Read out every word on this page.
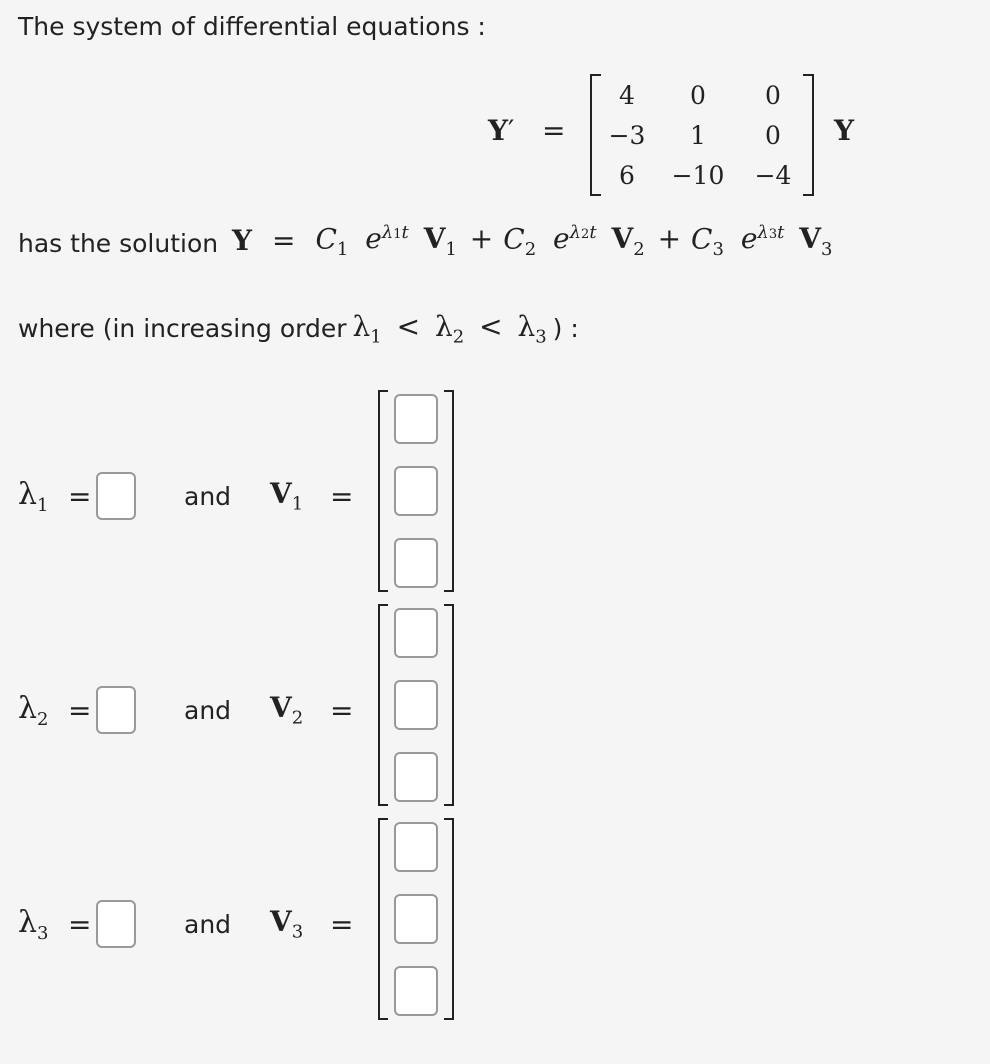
The system of differential equations :
Y′ =
4 0 0
−3 1 0
6 −10 −4
Y
has the solution $Y = C_1$ $e^{\lambda 1t}$ $V_1 + C_2$ $e^{\lambda 2t}$ $V_2 + C_3$ $e^{\lambda 3t}$ $V_3$
where (in increasing order $\lambda_1 < \lambda_2 < \lambda_3$ ) :
$\lambda_1$ =	and	$V_1$ =
$\lambda_2$ =	and	$V_2$ =
$\lambda_3$ =	and	$V_3$ =
